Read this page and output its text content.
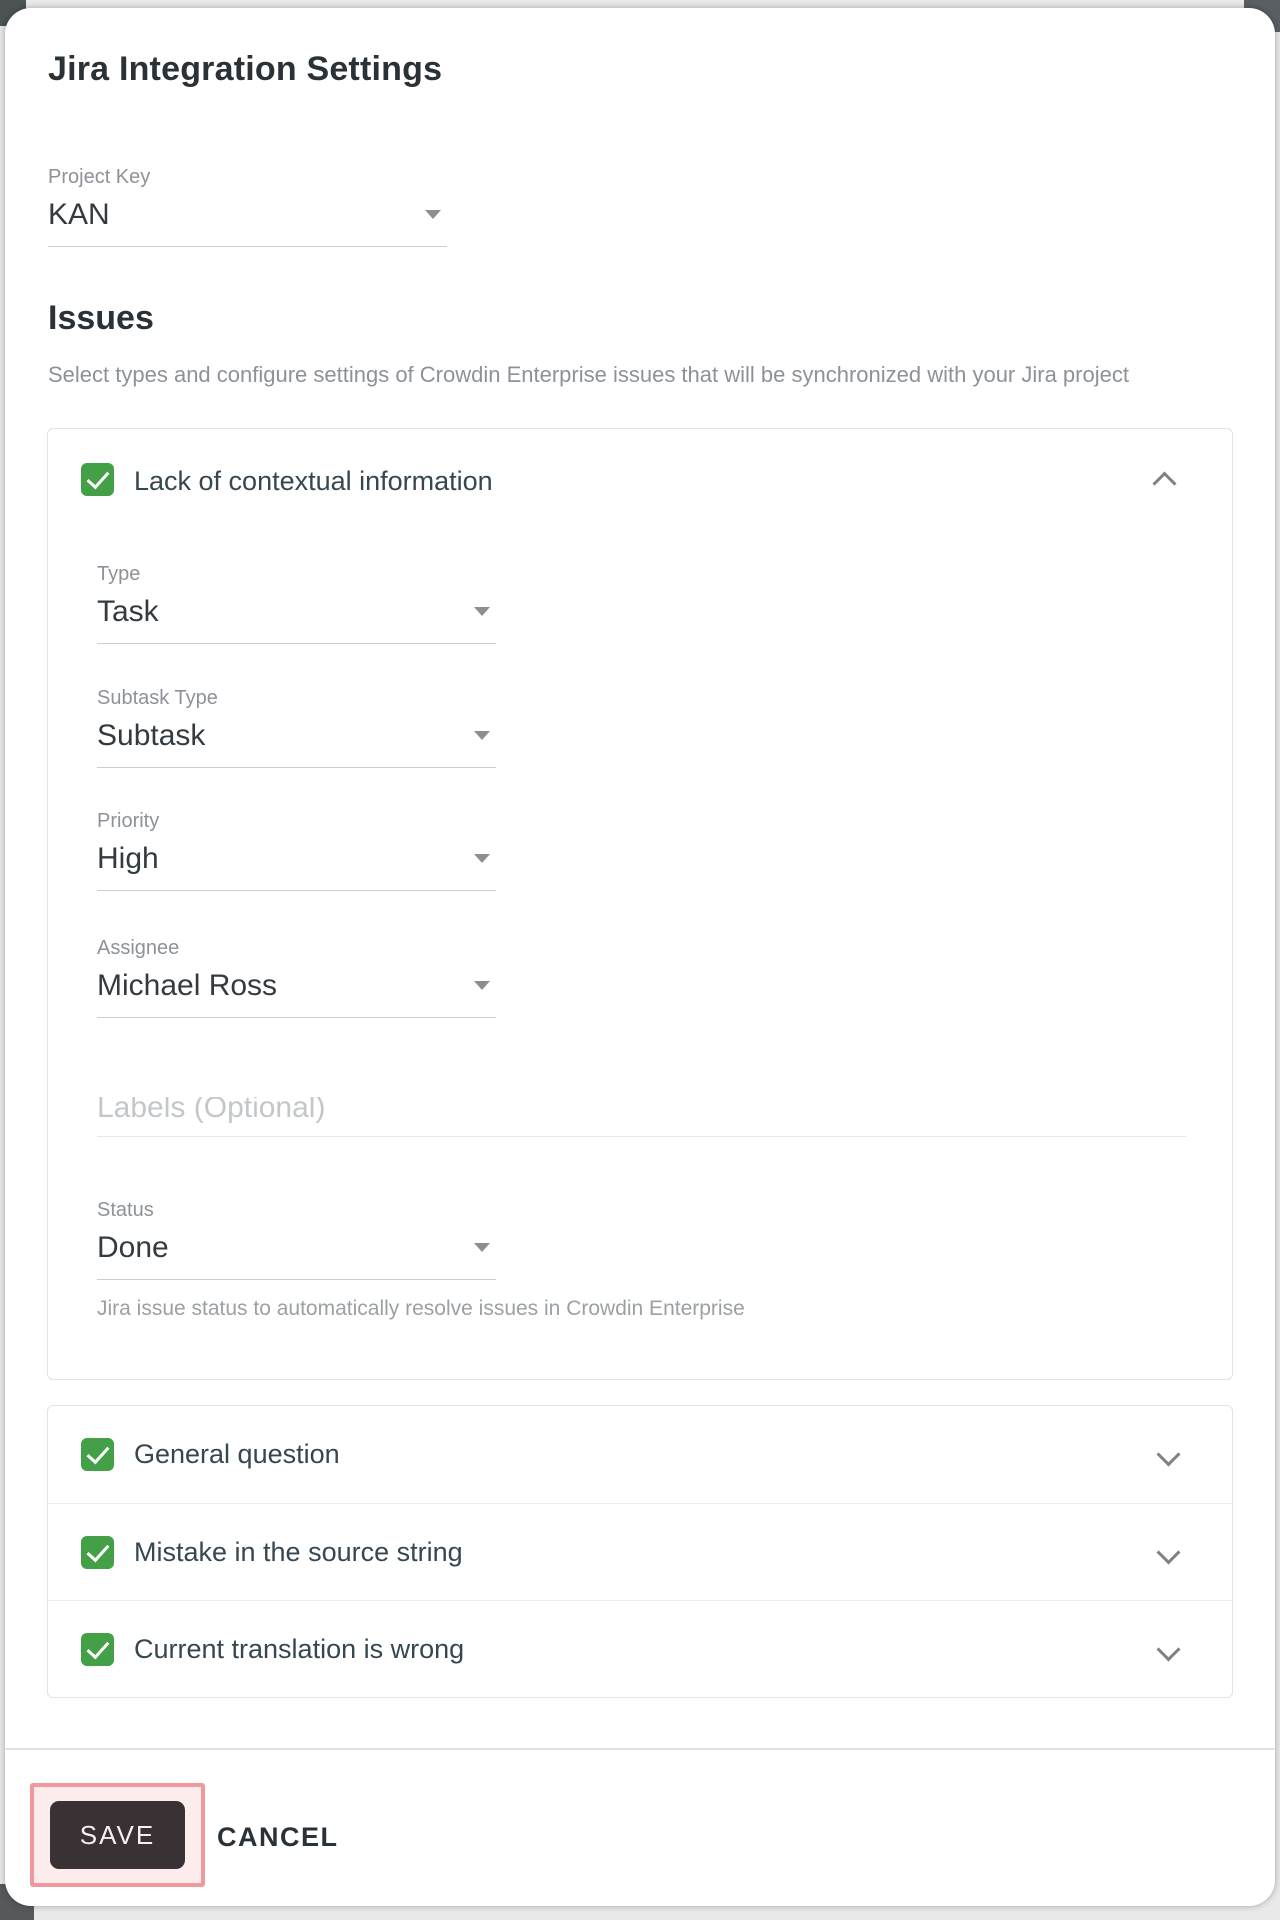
Jira Integration Settings
Project Key
KAN
Issues

Select types and configure settings of Crowdin Enterprise issues that will be synchronized with your Jira project

Lack of contextual information
Type
Task
Subtask Type
Subtask
Priority
High
Assignee
Michael Ross
Labels (Optional)
Status
Done
Jira issue status to automatically resolve issues in Crowdin Enterprise
General question
Mistake in the source string
Current translation is wrong
SAVE	CANCEL
